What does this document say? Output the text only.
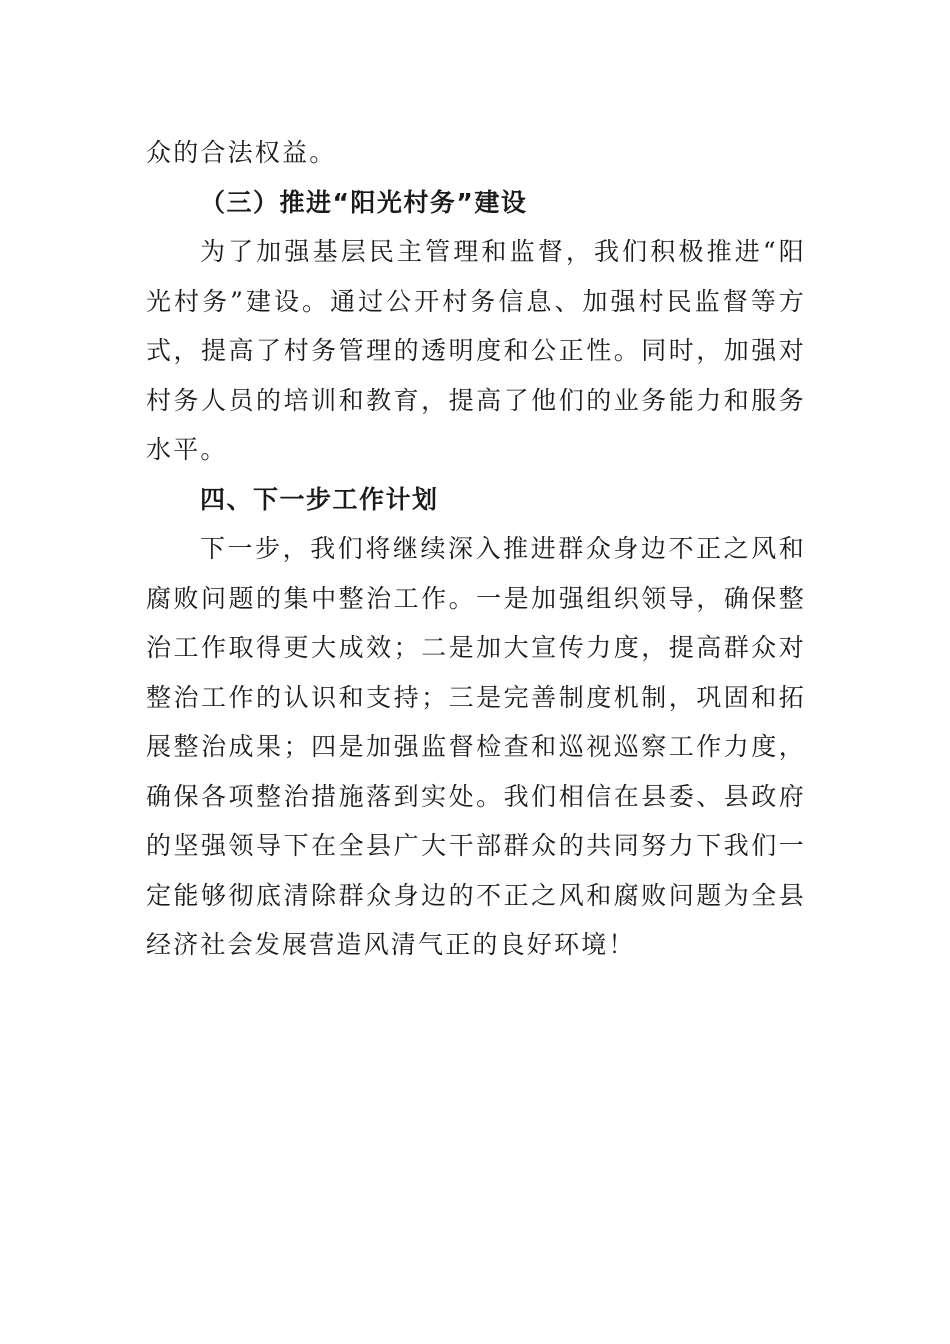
众的合法权益。

（三）推进“阳光村务”建设

为了加强基层民主管理和监督，我们积极推进“阳光村务”建设。通过公开村务信息、加强村民监督等方式，提高了村务管理的透明度和公正性。同时，加强对村务人员的培训和教育，提高了他们的业务能力和服务水平。

四、下一步工作计划

下一步，我们将继续深入推进群众身边不正之风和腐败问题的集中整治工作。一是加强组织领导，确保整治工作取得更大成效；二是加大宣传力度，提高群众对整治工作的认识和支持；三是完善制度机制，巩固和拓展整治成果；四是加强监督检查和巡视巡察工作力度，确保各项整治措施落到实处。我们相信在县委、县政府的坚强领导下在全县广大干部群众的共同努力下我们一定能够彻底清除群众身边的不正之风和腐败问题为全县经济社会发展营造风清气正的良好环境！
